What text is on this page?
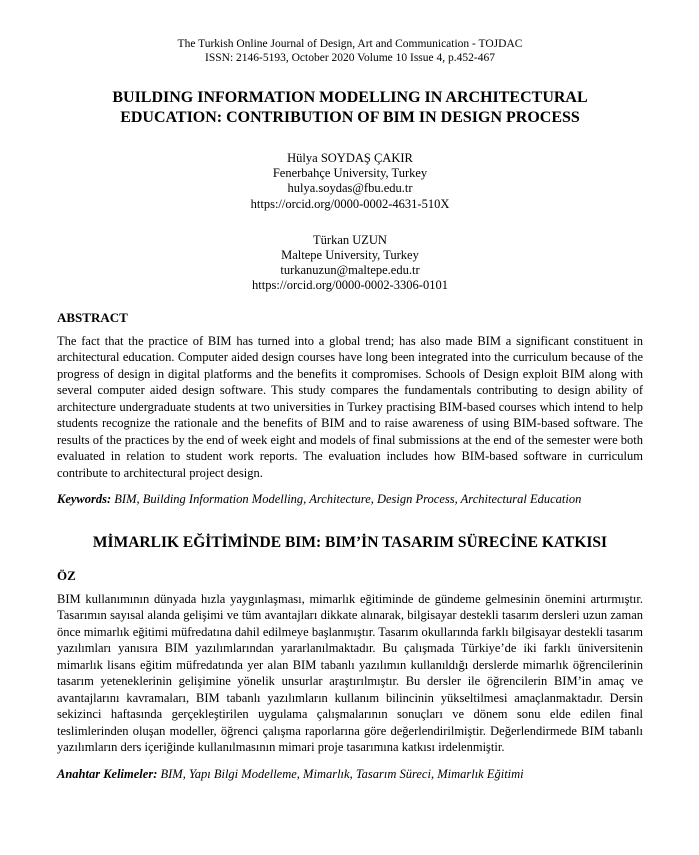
The Turkish Online Journal of Design, Art and Communication - TOJDAC
ISSN: 2146-5193, October 2020 Volume 10 Issue 4, p.452-467
BUILDING INFORMATION MODELLING IN ARCHITECTURAL EDUCATION: CONTRIBUTION OF BIM IN DESIGN PROCESS
Hülya SOYDAŞ ÇAKIR
Fenerbahçe University, Turkey
hulya.soydas@fbu.edu.tr
https://orcid.org/0000-0002-4631-510X
Türkan UZUN
Maltepe University, Turkey
turkanuzun@maltepe.edu.tr
https://orcid.org/0000-0002-3306-0101
ABSTRACT

The fact that the practice of BIM has turned into a global trend; has also made BIM a significant constituent in architectural education. Computer aided design courses have long been integrated into the curriculum because of the progress of design in digital platforms and the benefits it compromises. Schools of Design exploit BIM along with several computer aided design software. This study compares the fundamentals contributing to design ability of architecture undergraduate students at two universities in Turkey practising BIM-based courses which intend to help students recognize the rationale and the benefits of BIM and to raise awareness of using BIM-based software. The results of the practices by the end of week eight and models of final submissions at the end of the semester were both evaluated in relation to student work reports. The evaluation includes how BIM-based software in curriculum contribute to architectural project design.

Keywords: BIM, Building Information Modelling, Architecture, Design Process, Architectural Education

MİMARLIK EĞİTİMİNDE BIM: BIM’İN TASARIM SÜRECİNE KATKISI
ÖZ

BIM kullanımının dünyada hızla yaygınlaşması, mimarlık eğitiminde de gündeme gelmesinin önemini artırmıştır. Tasarımın sayısal alanda gelişimi ve tüm avantajları dikkate alınarak, bilgisayar destekli tasarım dersleri uzun zaman önce mimarlık eğitimi müfredatına dahil edilmeye başlanmıştır. Tasarım okullarında farklı bilgisayar destekli tasarım yazılımları yanısıra BIM yazılımlarından yararlanılmaktadır. Bu çalışmada Türkiye’de iki farklı üniversitenin mimarlık lisans eğitim müfredatında yer alan BIM tabanlı yazılımın kullanıldığı derslerde mimarlık öğrencilerinin tasarım yeteneklerinin gelişimine yönelik unsurlar araştırılmıştır. Bu dersler ile öğrencilerin BIM’in amaç ve avantajlarını kavramaları, BIM tabanlı yazılımların kullanım bilincinin yükseltilmesi amaçlanmaktadır. Dersin sekizinci haftasında gerçekleştirilen uygulama çalışmalarının sonuçları ve dönem sonu elde edilen final teslimlerinden oluşan modeller, öğrenci çalışma raporlarına göre değerlendirilmiştir. Değerlendirmede BIM tabanlı yazılımların ders içeriğinde kullanılmasının mimari proje tasarımına katkısı irdelenmiştir.

Anahtar Kelimeler: BIM, Yapı Bilgi Modelleme, Mimarlık, Tasarım Süreci, Mimarlık Eğitimi
